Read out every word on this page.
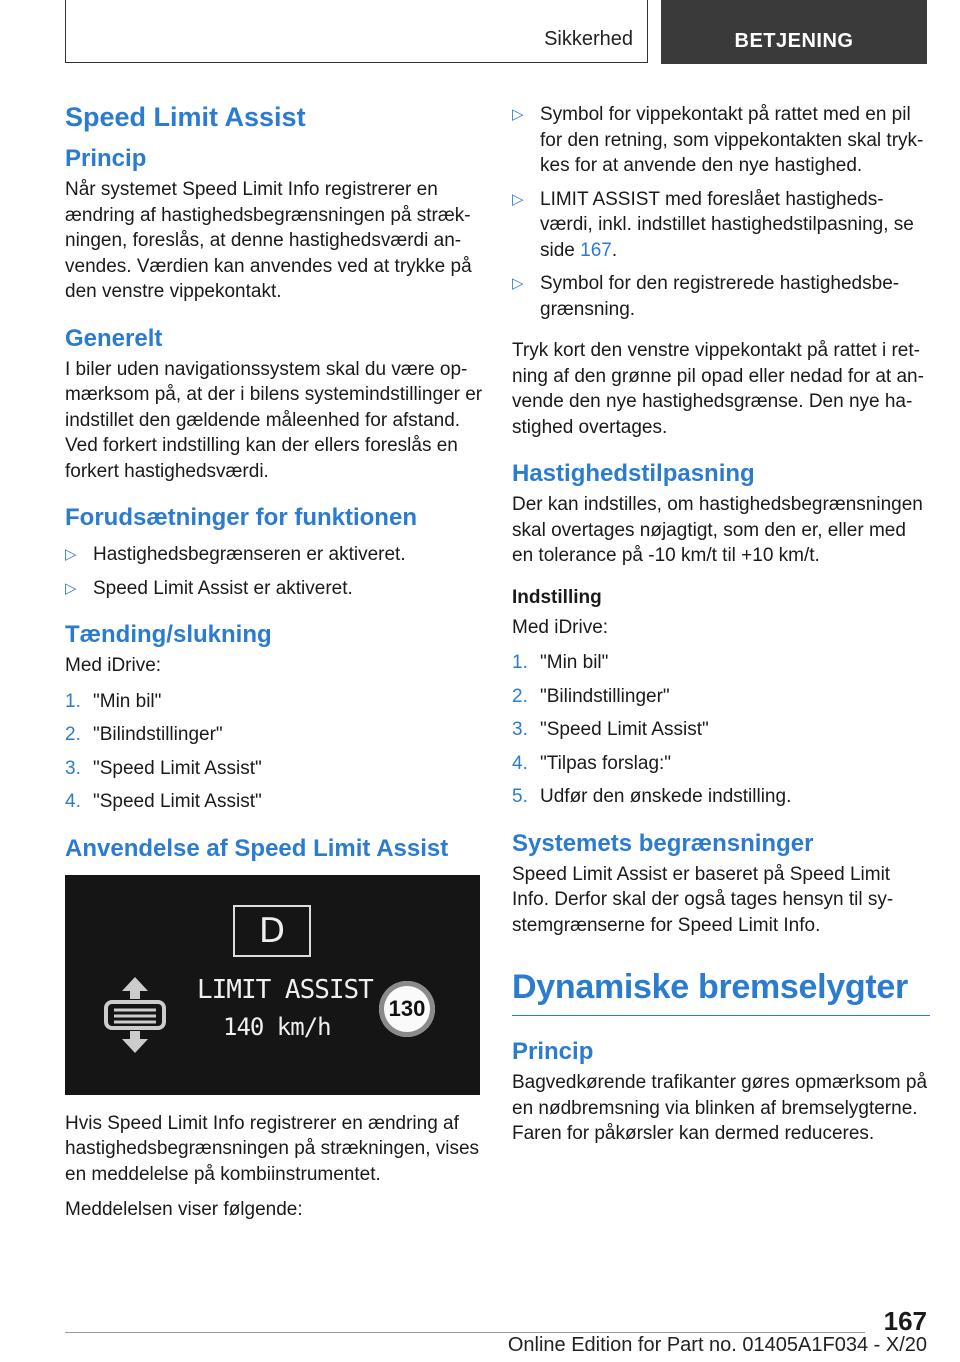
Sikkerhed	BETJENING
Speed Limit Assist
Princip

Når systemet Speed Limit Info registrerer en ændring af hastighedsbegrænsningen på strækningen, foreslås, at denne hastighedsværdi anvendes. Værdien kan anvendes ved at trykke på den venstre vippekontakt.

Generelt

I biler uden navigationssystem skal du være opmærksom på, at der i bilens systemindstillinger er indstillet den gældende måleenhed for afstand. Ved forkert indstilling kan der ellers foreslås en forkert hastighedsværdi.

Forudsætninger for funktionen
▷ Hastighedsbegrænseren er aktiveret.
▷ Speed Limit Assist er aktiveret.
Tænding/slukning

Med iDrive:

1. "Min bil"
2. "Bilindstillinger"
3. "Speed Limit Assist"
4. "Speed Limit Assist"
Anvendelse af Speed Limit Assist
D
LIMIT ASSIST
140 km/h
130

Hvis Speed Limit Info registrerer en ændring af hastighedsbegrænsningen på strækningen, vises en meddelelse på kombiinstrumentet.

Meddelelsen viser følgende:

▷ Symbol for vippekontakt på rattet med en pil for den retning, som vippekontakten skal trykkes for at anvende den nye hastighed.
▷ LIMIT ASSIST med foreslået hastighedsværdi, inkl. indstillet hastighedstilpasning, se side 167.
▷ Symbol for den registrerede hastighedsbegrænsning.

Tryk kort den venstre vippekontakt på rattet i retning af den grønne pil opad eller nedad for at anvende den nye hastighedsgrænse. Den nye hastighed overtages.

Hastighedstilpasning

Der kan indstilles, om hastighedsbegrænsningen skal overtages nøjagtigt, som den er, eller med en tolerance på -10 km/t til +10 km/t.

Indstilling

Med iDrive:

1. "Min bil"
2. "Bilindstillinger"
3. "Speed Limit Assist"
4. "Tilpas forslag:"
5. Udfør den ønskede indstilling.
Systemets begrænsninger

Speed Limit Assist er baseret på Speed Limit Info. Derfor skal der også tages hensyn til systemgrænserne for Speed Limit Info.

Dynamiske bremselygter
Princip

Bagvedkørende trafikanter gøres opmærksom på en nødbremsning via blinken af bremselygterne. Faren for påkørsler kan dermed reduceres.

167
Online Edition for Part no. 01405A1F034 - X/20
